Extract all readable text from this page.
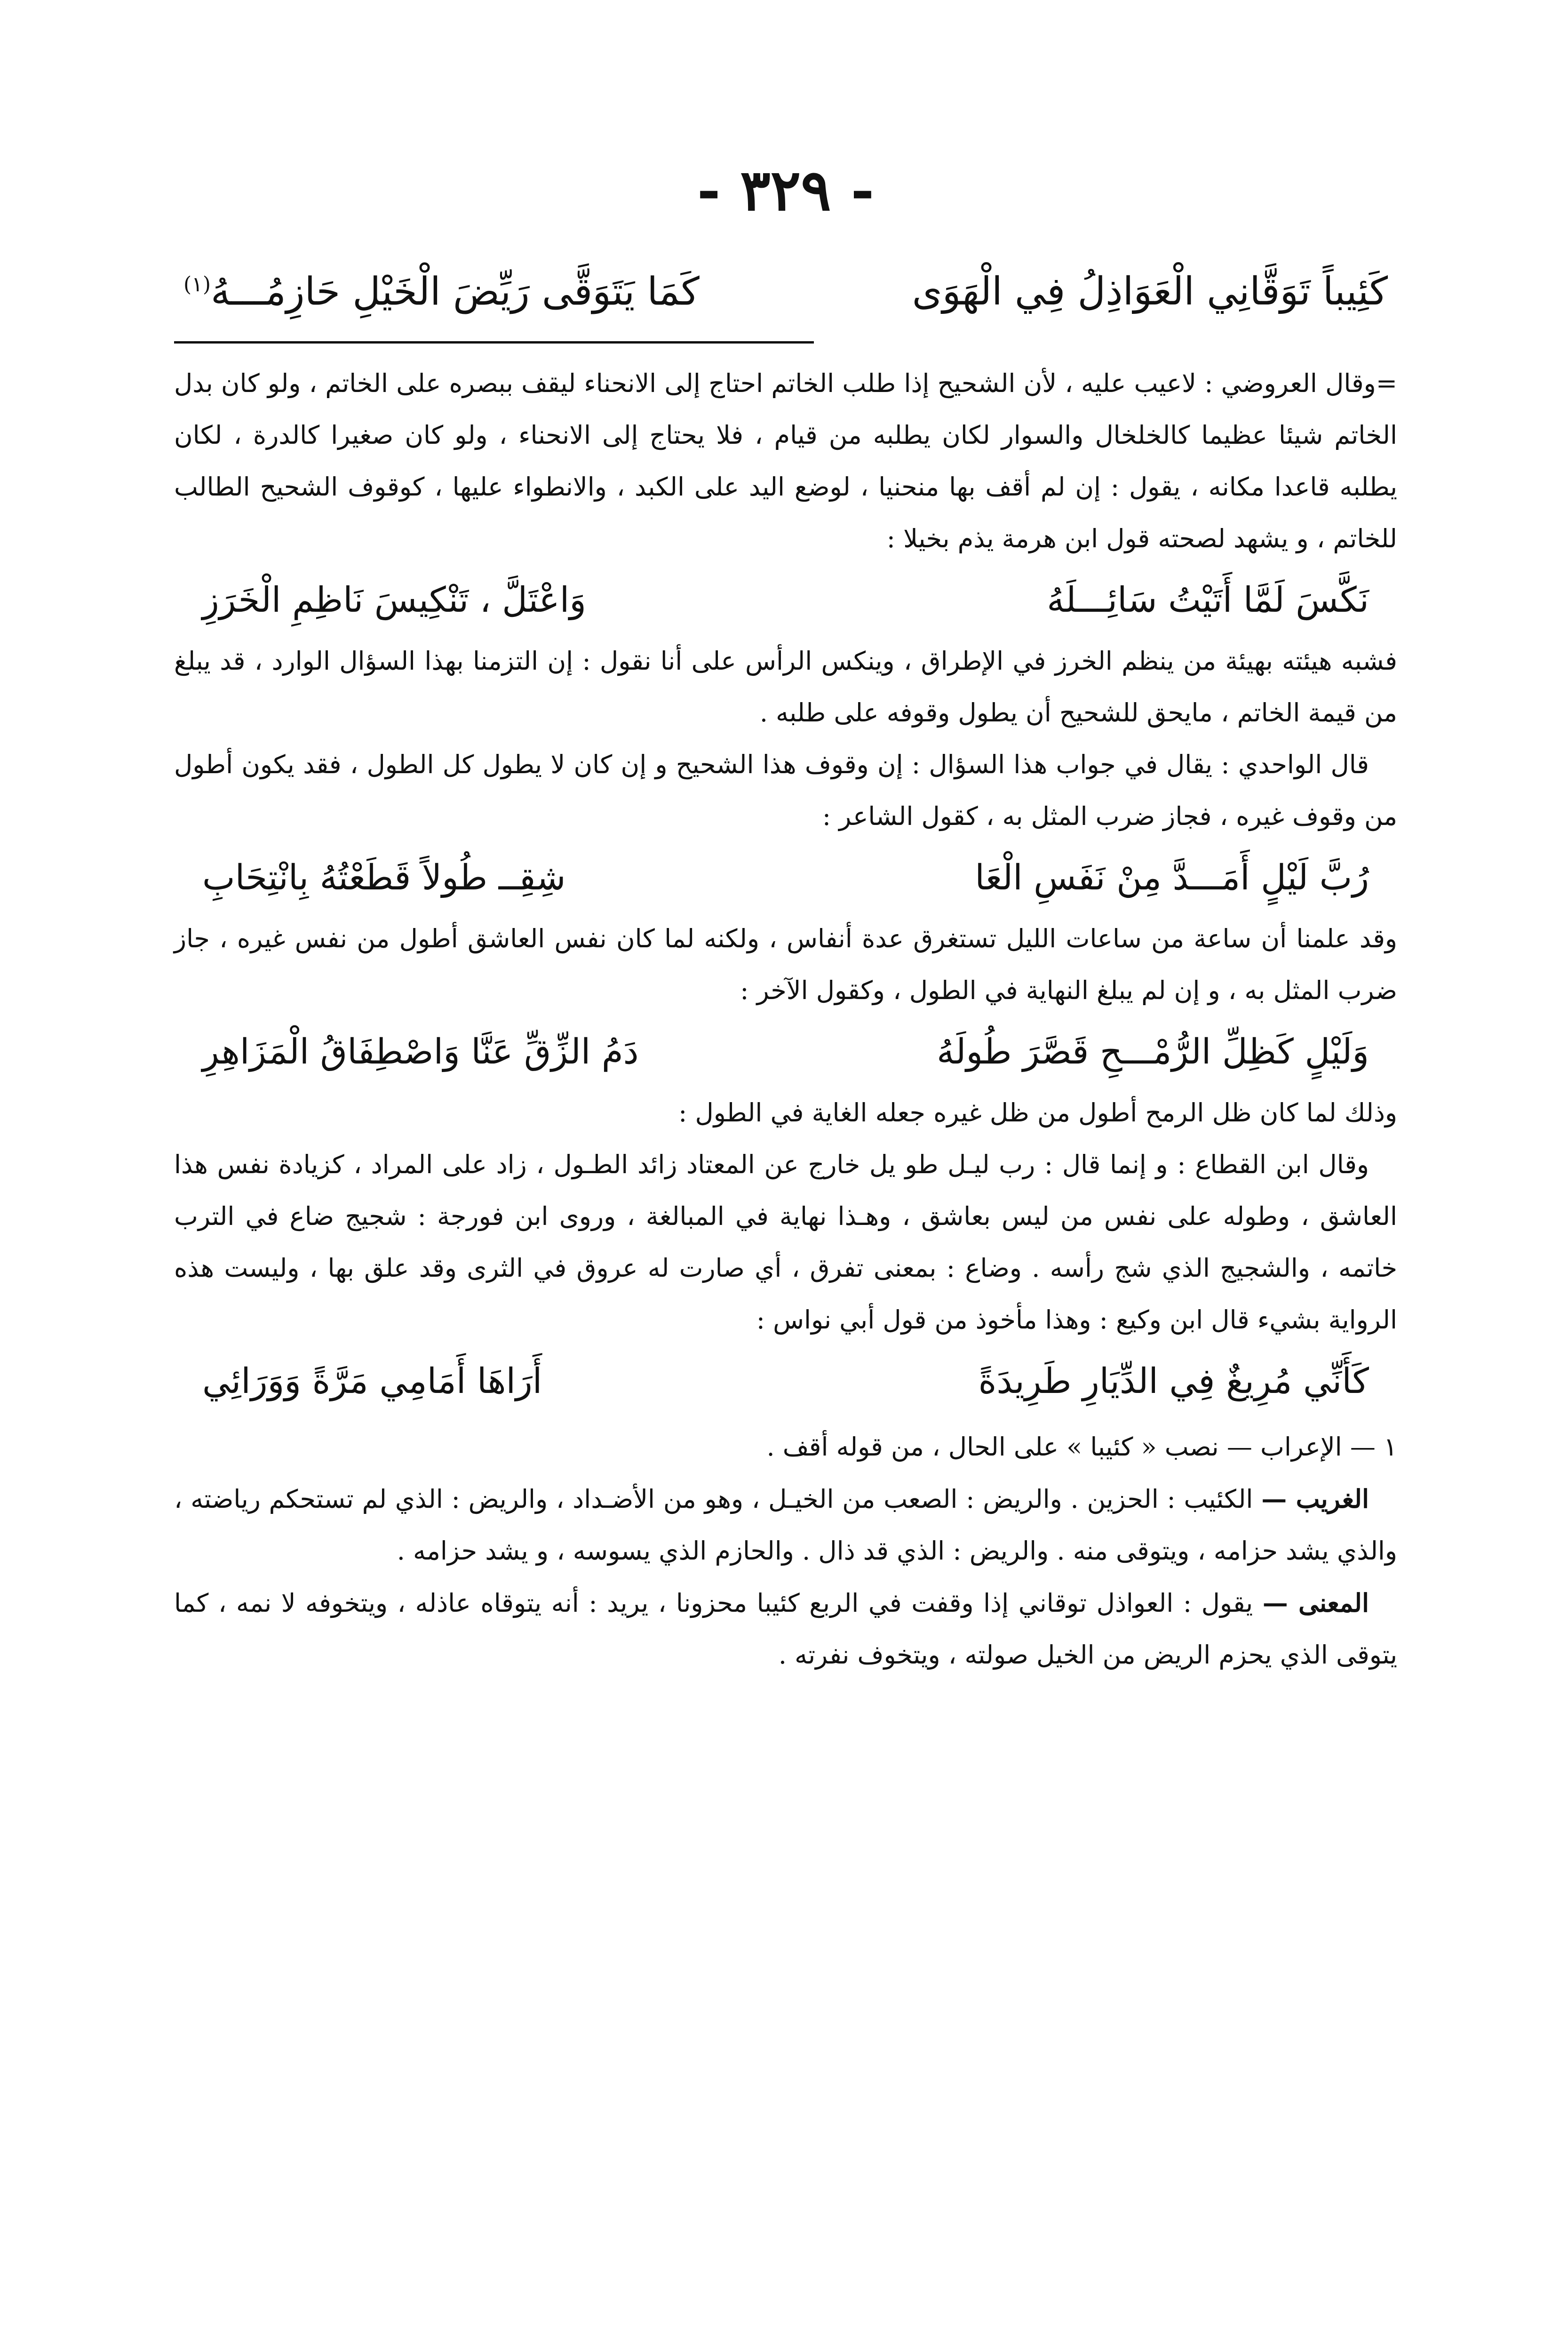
- ٣٢٩ -
كَئِيباً تَوَقَّانِي الْعَوَاذِلُ فِي الْهَوَى
كَمَا يَتَوَقَّى رَيِّضَ الْخَيْلِ حَازِمُـــهُ$^{(١)}$

=وقال العروضي : لاعيب عليه ، لأن الشحيح إذا طلب الخاتم احتاج إلى الانحناء ليقف ببصره على الخاتم ، ولو كان بدل الخاتم شيئا عظيما كالخلخال والسوار لكان يطلبه من قيام ، فلا يحتاج إلى الانحناء ، ولو كان صغيرا كالدرة ، لكان يطلبه قاعدا مكانه ، يقول : إن لم أقف بها منحنيا ، لوضع اليد على الكبد ، والانطواء عليها ، كوقوف الشحيح الطالب للخاتم ، و يشهد لصحته قول ابن هرمة يذم بخيلا :

نَكَّسَ لَمَّا أَتَيْتُ سَائِـــلَهُ
وَاعْتَلَّ ، تَنْكِيسَ نَاظِمِ الْخَرَزِ

فشبه هيئته بهيئة من ينظم الخرز في الإطراق ، وينكس الرأس على أنا نقول : إن التزمنا بهذا السؤال الوارد ، قد يبلغ من قيمة الخاتم ، مايحق للشحيح أن يطول وقوفه على طلبه .

قال الواحدي : يقال في جواب هذا السؤال : إن وقوف هذا الشحيح و إن كان لا يطول كل الطول ، فقد يكون أطول من وقوف غيره ، فجاز ضرب المثل به ، كقول الشاعر :

رُبَّ لَيْلٍ أَمَـــدَّ مِنْ نَفَسِ الْعَا
شِقِــ طُولاً قَطَعْتُهُ بِانْتِحَابِ

وقد علمنا أن ساعة من ساعات الليل تستغرق عدة أنفاس ، ولكنه لما كان نفس العاشق أطول من نفس غيره ، جاز ضرب المثل به ، و إن لم يبلغ النهاية في الطول ، وكقول الآخر :

وَلَيْلٍ كَظِلِّ الرُّمْـــحِ قَصَّرَ طُولَهُ
دَمُ الزِّقِّ عَنَّا وَاصْطِفَاقُ الْمَزَاهِرِ

وذلك لما كان ظل الرمح أطول من ظل غيره جعله الغاية في الطول :

وقال ابن القطاع : و إنما قال : رب ليـل طو يل خارج عن المعتاد زائد الطـول ، زاد على المراد ، كزيادة نفس هذا العاشق ، وطوله على نفس من ليس بعاشق ، وهـذا نهاية في المبالغة ، وروى ابن فورجة : شجيج ضاع في الترب خاتمه ، والشجيج الذي شج رأسه . وضاع : بمعنى تفرق ، أي صارت له عروق في الثرى وقد علق بها ، وليست هذه الرواية بشيء قال ابن وكيع : وهذا مأخوذ من قول أبي نواس :

كَأَنِّي مُرِيغٌ فِي الدِّيَارِ طَرِيدَةً
أَرَاهَا أَمَامِي مَرَّةً وَوَرَائِي

١ — الإعراب — نصب « كئيبا » على الحال ، من قوله أقف .

الغريب — الكئيب : الحزين . والريض : الصعب من الخيـل ، وهو من الأضـداد ، والريض : الذي لم تستحكم رياضته ، والذي يشد حزامه ، ويتوقى منه . والريض : الذي قد ذال . والحازم الذي يسوسه ، و يشد حزامه .

المعنى — يقول : العواذل توقاني إذا وقفت في الربع كئيبا محزونا ، يريد : أنه يتوقاه عاذله ، ويتخوفه لا نمه ، كما يتوقى الذي يحزم الريض من الخيل صولته ، ويتخوف نفرته .
